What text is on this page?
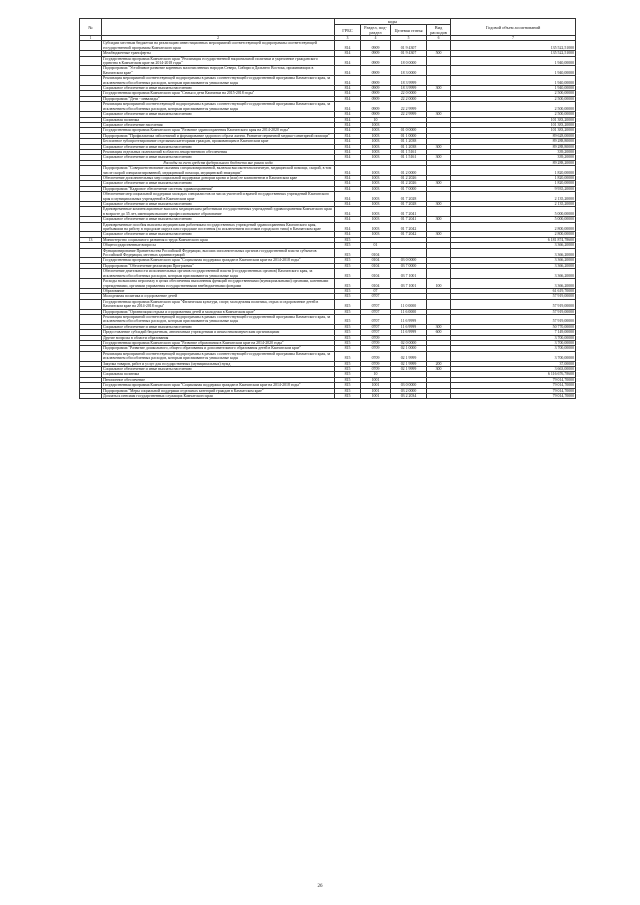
№		коды				Годовой объем ассигнований
		ГРБС	Раздел, под-раздел	Целевая статья	Вид расходов	
1	2	3	4	5	6	7
	Субсидии местным бюджетам на реализацию инвестиционных мероприятий соответствующей подпрограммы соответствующей государственной программы Камчатского края	814	0909	01 9 4307		135 522,51000
	Межбюджетные трансферты	814	0909	01 9 4307	500	135 522,51000
	Государственная программа Камчатского края "Реализация государственной национальной политики и укрепление гражданского единства в Камчатском крае на 2014-2018 годы"	814	0909	18 0 0000		1 940,00000
	Подпрограмма "Устойчивое развитие коренных малочисленных народов Севера, Сибири и Дальнего Востока, проживающих в Камчатском крае"	814	0909	18 3 0000		1 940,00000
	Реализация мероприятий соответствующей подпрограммы в рамках соответствующей государственной программы Камчатского края, за исключением обособленных расходов, которым присваиваются уникальные коды	814	0909	18 3 9999		1 940,00000
	Социальное обеспечение и иные выплаты населению	814	0909	18 3 9999	300	1 940,00000
	Государственная программа Камчатского края "Семья и дети Камчатки на 2015-2018 годы"	814	0909	22 0 0000		2 500,00000
	Подпрограмма "Дети - инвалиды"	814	0909	22 2 0000		2 500,00000
	Реализация мероприятий соответствующей подпрограммы в рамках соответствующей государственной программы Камчатского края, за исключением обособленных расходов, которым присваиваются уникальные коды	814	0909	22 2 9999		2 500,00000
	Социальное обеспечение и иные выплаты населению	814	0909	22 2 9999	300	2 500,00000
	Социальная политика	814	10			101 383,20000
	Социальное обеспечение населения	814	1003			101 383,20000
	Государственная программа Камчатского края "Развитие здравоохранения Камчатского края на 2014-2020 годы"	814	1003	01 0 0000		101 383,20000
	Подпрограмма "Профилактика заболеваний и формирование здорового образа жизни. Развитие первичной медико-санитарной помощи"	814	1003	01 1 0000		89 628,00000
	Бесплатное зубопротезирование отдельным категориям граждан, проживающим в Камчатском крае	814	1003	01 1 2038		89 288,80000
	Социальное обеспечение и иные выплаты населению	814	1003	01 1 2038	300	89 288,80000
	Реализация отдельных полномочий в области лекарственного обеспечения	814	1003	01 1 5161		339,20000
	Социальное обеспечение и иные выплаты населению	814	1003	01 1 5161	300	339,20000
	Расходы за счет средств федерального бюджета вне рамок кода					89 288,20000
	Подпрограмма "Совершенствование оказания специализированной, включая высокотехнологичную, медицинской помощи, скорой, в том числе скорой специализированной, медицинской помощи, медицинской эвакуации"	814	1003	01 2 0000		1 820,00000
	Обеспечение дополнительных мер социальной поддержки донорам крови и (или) ее компонентов в Камчатском крае	814	1003	01 2 2026		1 820,00000
	Социальное обеспечение и иные выплаты населению	814	1003	01 2 2026	300	1 820,00000
	Подпрограмма "Кадровое обеспечение системы здравоохранения"	814	1003	01 7 0000		9 935,20000
	Обеспечение мер социальной поддержки молодых специалистов из числа учителей и врачей государственных учреждений Камчатского края и муниципальных учреждений в Камчатском крае	814	1003	01 7 2028		2 135,20000
	Социальное обеспечение и иные выплаты населению	814	1003	01 7 2028	300	2 135,20000
	Единовременные компенсационные выплаты медицинским работникам государственных учреждений здравоохранения Камчатского края в возрасте до 35 лет, имеющим высшее профессиональное образование	814	1003	01 7 2041		5 000,00000
	Социальное обеспечение и иные выплаты населению	814	1003	01 7 2041	300	5 000,00000
	Единовременные пособия выплаты медицинским работникам государственных учреждений здравоохранения Камчатского края, прибывшим на работу в городские округа или городские поселения (за исключением поселков городского типа) в Камчатском крае	814	1003	01 7 2042		2 800,00000
	Социальное обеспечение и иные выплаты населению	814	1003	01 7 2042	300	2 800,00000
13	Министерство социального развития и труда Камчатского края	815				6 181 874,78600
	Общегосударственные вопросы	815	01			3 366,20000
	Функционирование Правительства Российской Федерации, высших исполнительных органов государственной власти субъектов Российской Федерации, местных администраций	815	0104			3 366,20000
	Государственная программа Камчатского края "Социальная поддержка граждан в Камчатском крае на 2014-2018 годы"	815	0104	03 0 0000		3 366,20000
	Подпрограмма "Обеспечение реализации Программы"	815	0104	03 7 0000		3 366,20000
	Обеспечение деятельности исполнительных органов государственной власти (государственных органов) Камчатского края, за исключением обособленных расходов, которым присваиваются уникальные коды	815	0104	03 7 1001		3 366,20000
	Расходы на выплаты персоналу в целях обеспечения выполнения функций государственными (муниципальными) органами, казенными учреждениями, органами управления государственными внебюджетными фондами	815	0104	03 7 1001	100	3 366,20000
	Образование	815	07			61 619,70000
	Молодежная политика и оздоровление детей	815	0707			57 919,00000
	Государственная программа Камчатского края "Физическая культура, спорт, молодежная политика, отдых и оздоровление детей в Камчатском крае на 2014-2018 годы"	815	0707	11 0 0000		57 919,00000
	Подпрограмма "Организация отдыха и оздоровления детей и молодежи в Камчатском крае"	815	0707	11 6 0000		57 919,00000
	Реализация мероприятий соответствующей подпрограммы в рамках соответствующей государственной программы Камчатского края, за исключением обособленных расходов, которым присваиваются уникальные коды	815	0707	11 6 9999		57 919,00000
	Социальное обеспечение и иные выплаты населению	815	0707	11 6 9999	300	50 770,00000
	Предоставление субсидий бюджетным, автономным учреждениям и иным некоммерческим организациям	815	0707	11 6 9999	600	7 149,00000
	Другие вопросы в области образования	815	0709			3 700,00000
	Государственная программа Камчатского края "Развитие образования в Камчатском крае на 2014-2020 годы"	815	0709	02 0 0000		3 700,00000
	Подпрограмма "Развитие дошкольного, общего образования и дополнительного образования детей в Камчатском крае"	815	0709	02 1 0000		3 700,00000
	Реализация мероприятий соответствующей подпрограммы в рамках соответствующей государственной программы Камчатского края, за исключением обособленных расходов, которым присваиваются уникальные коды	815	0709	02 1 9999		3 700,00000
	Закупка товаров, работ и услуг для государственных (муниципальных) нужд	815	0709	02 1 9999	200	37,00000
	Социальное обеспечение и иные выплаты населению	815	0709	02 1 9999	300	3 663,00000
	Социальная политика	815	10			6 116 676,78600
	Пенсионное обеспечение	815	1001			79 014,70000
	Государственная программа Камчатского края "Социальная поддержка граждан в Камчатском крае на 2014-2018 годы"	815	1001	03 0 0000		79 014,70000
	Подпрограмма "Меры социальной поддержки отдельных категорий граждан в Камчатском крае"	815	1001	03 2 0000		79 014,70000
	Доплаты к пенсиям государственных служащих Камчатского края	815	1001	03 2 2034		79 014,70000
26
